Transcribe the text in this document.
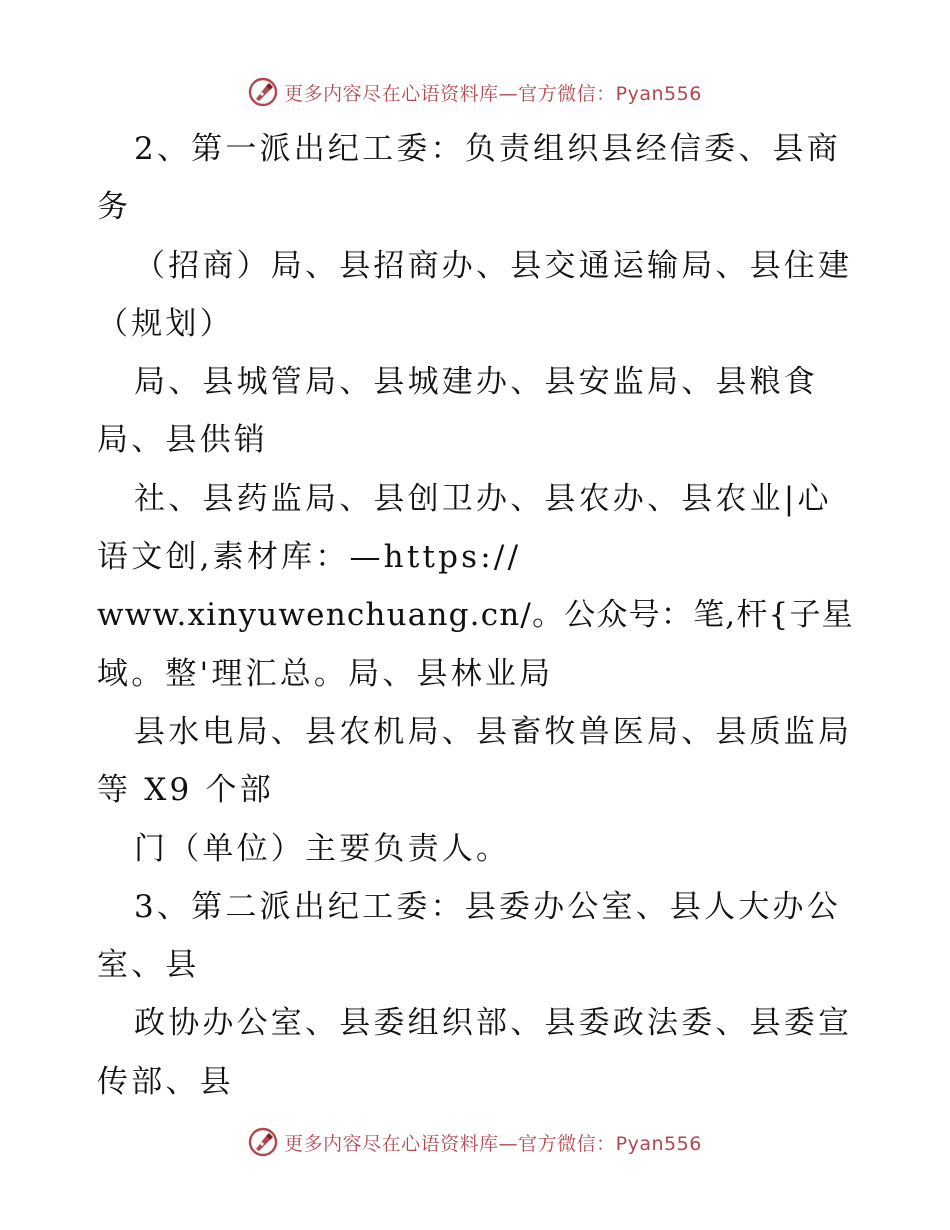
更多内容尽在心语资料库—官方微信：Pyan556
2、第一派出纪工委：负责组织县经信委、县商
务
（招商）局、县招商办、县交通运输局、县住建
（规划）
局、县城管局、县城建办、县安监局、县粮食
局、县供销
社、县药监局、县创卫办、县农办、县农业|心
语文创,素材库：—https://
www.xinyuwenchuang.cn/。公众号：笔,杆{子星
域。整'理汇总。局、县林业局
县水电局、县农机局、县畜牧兽医局、县质监局
等 X9 个部
门（单位）主要负责人。
3、第二派出纪工委：县委办公室、县人大办公
室、县
政协办公室、县委组织部、县委政法委、县委宣
传部、县
更多内容尽在心语资料库—官方微信：Pyan556
